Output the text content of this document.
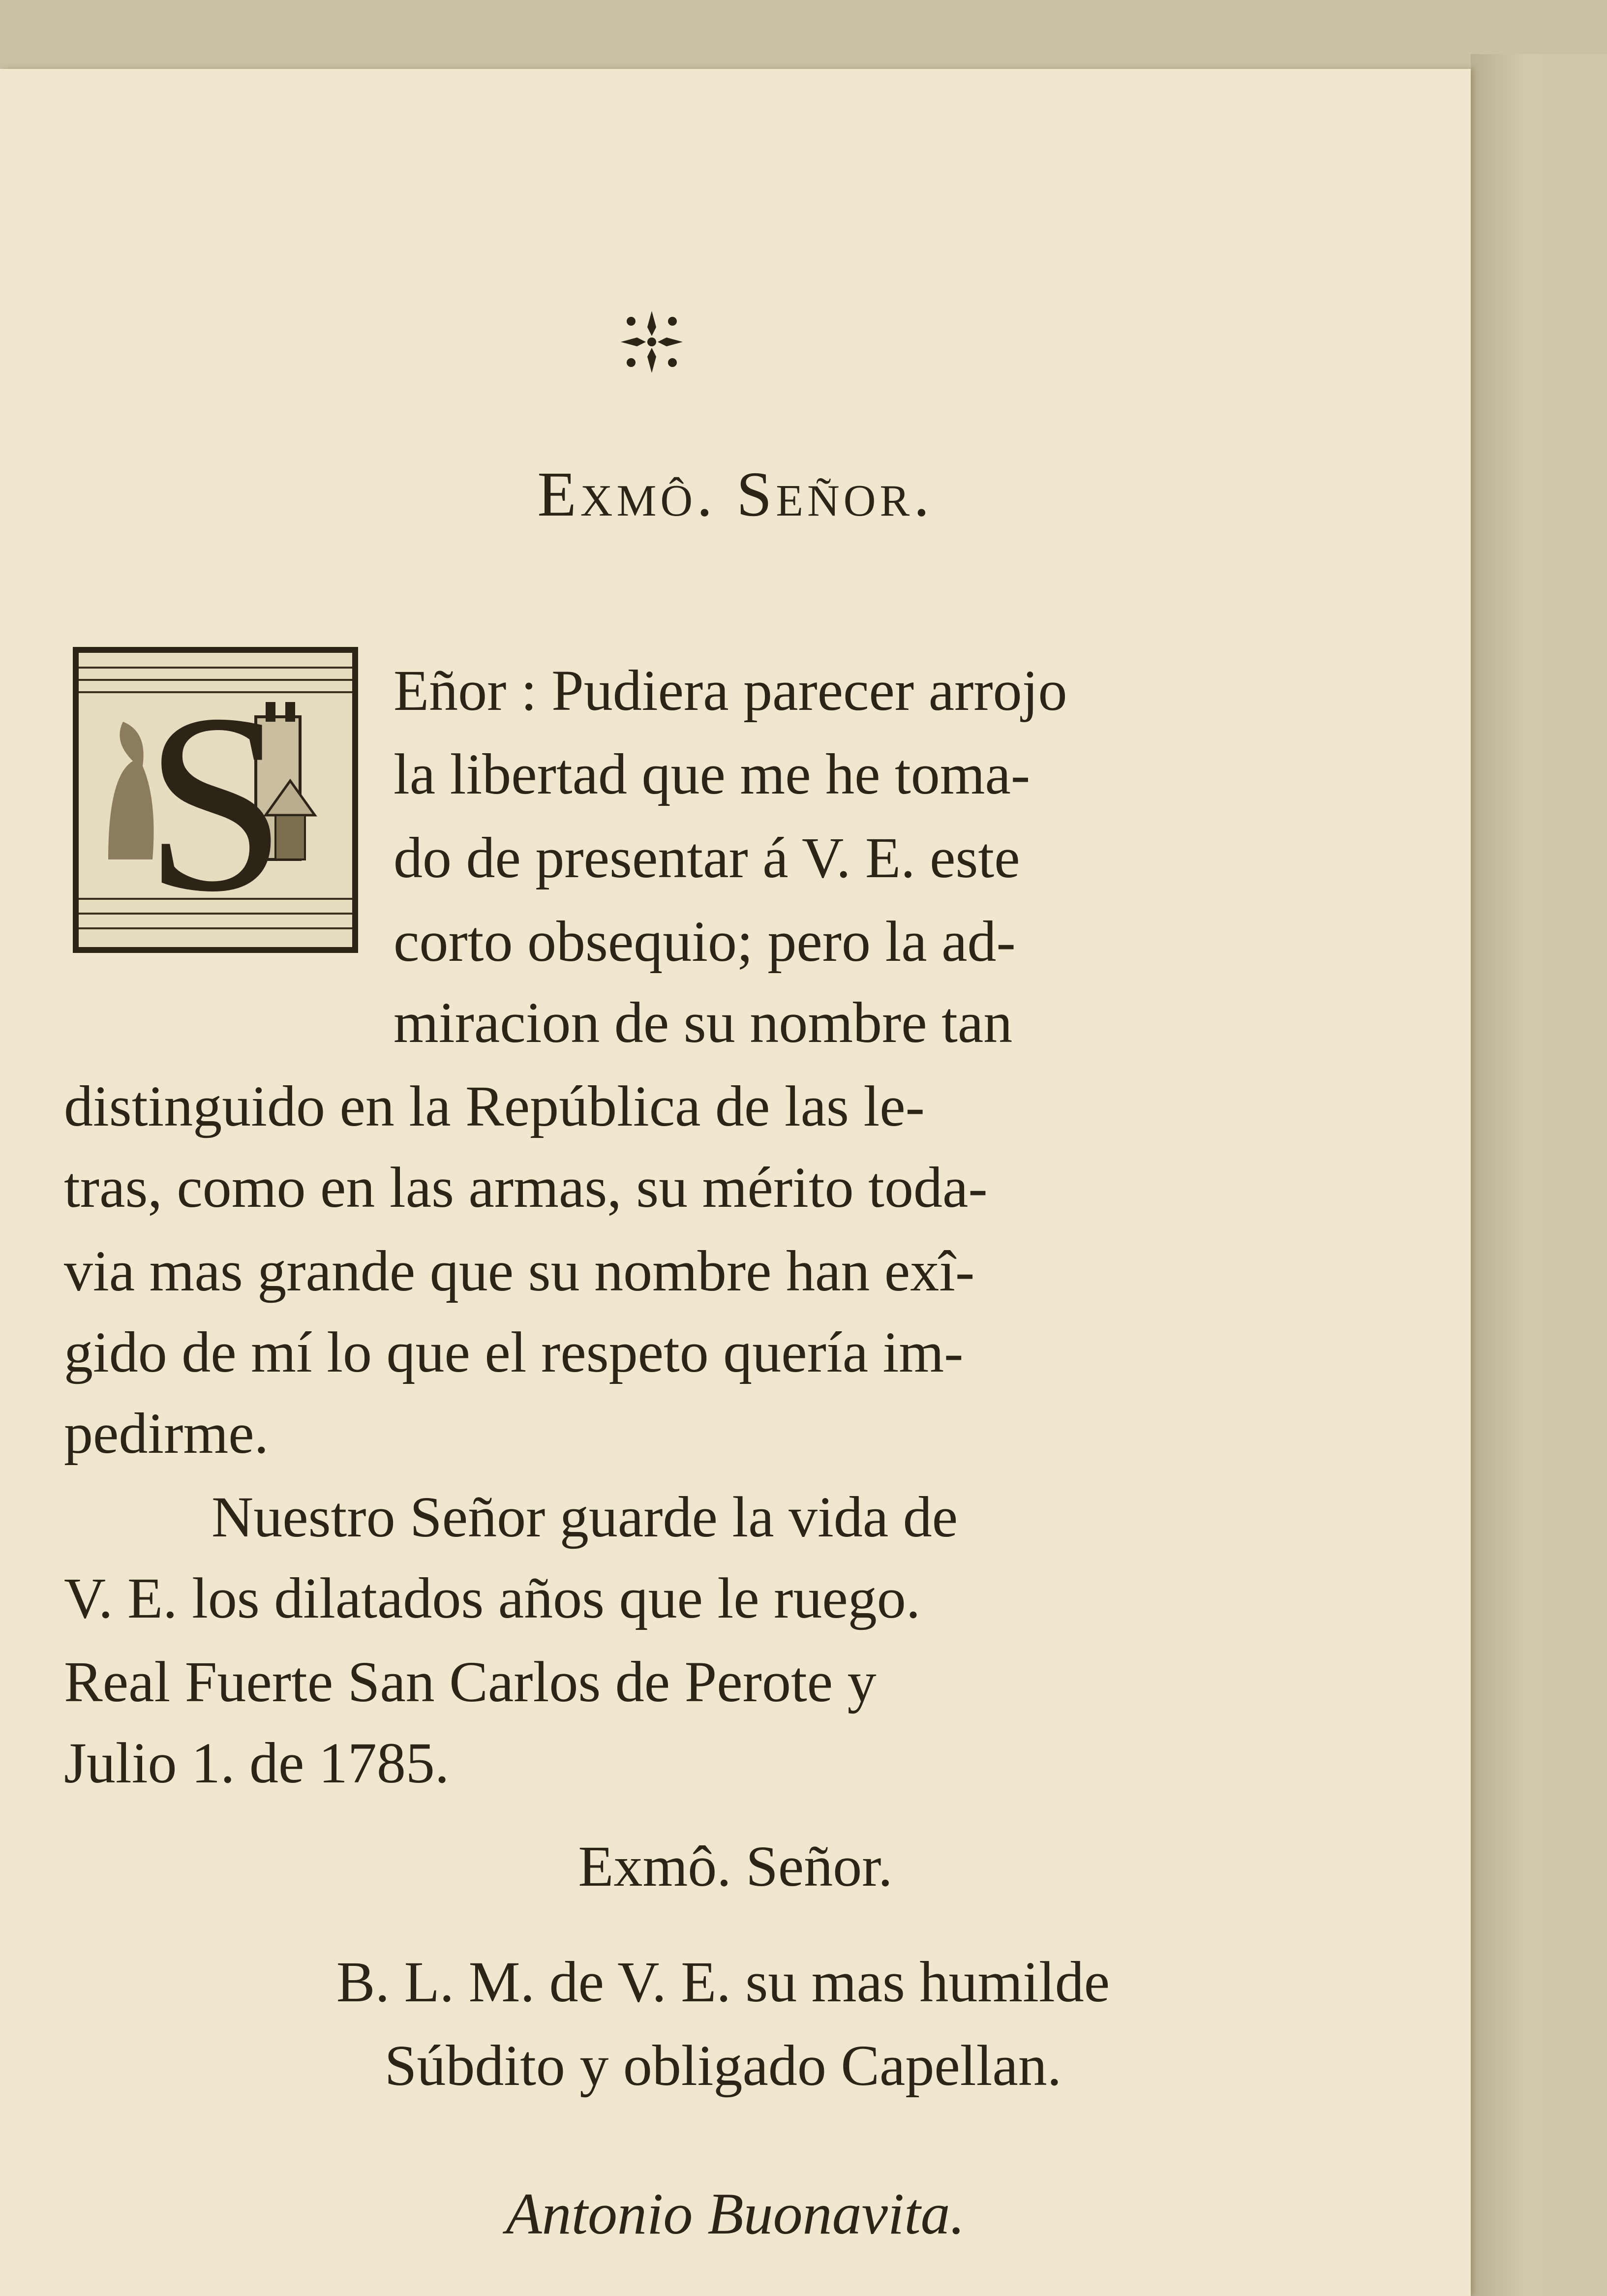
Exmô. Señor.
S Eñor : Pudiera parecer arrojo
la libertad que me he toma-
do de presentar á V. E. este
corto obsequio; pero la ad-
miracion de su nombre tan
distinguido en la República de las le-
tras, como en las armas, su mérito toda-
via mas grande que su nombre han exî-
gido de mí lo que el respeto quería im-
pedirme.
Nuestro Señor guarde la vida de
V. E. los dilatados años que le ruego.
Real Fuerte San Carlos de Perote y
Julio 1. de 1785.
Exmô. Señor.
B. L. M. de V. E. su mas humilde
Súbdito y obligado Capellan.
Antonio Buonavita.
